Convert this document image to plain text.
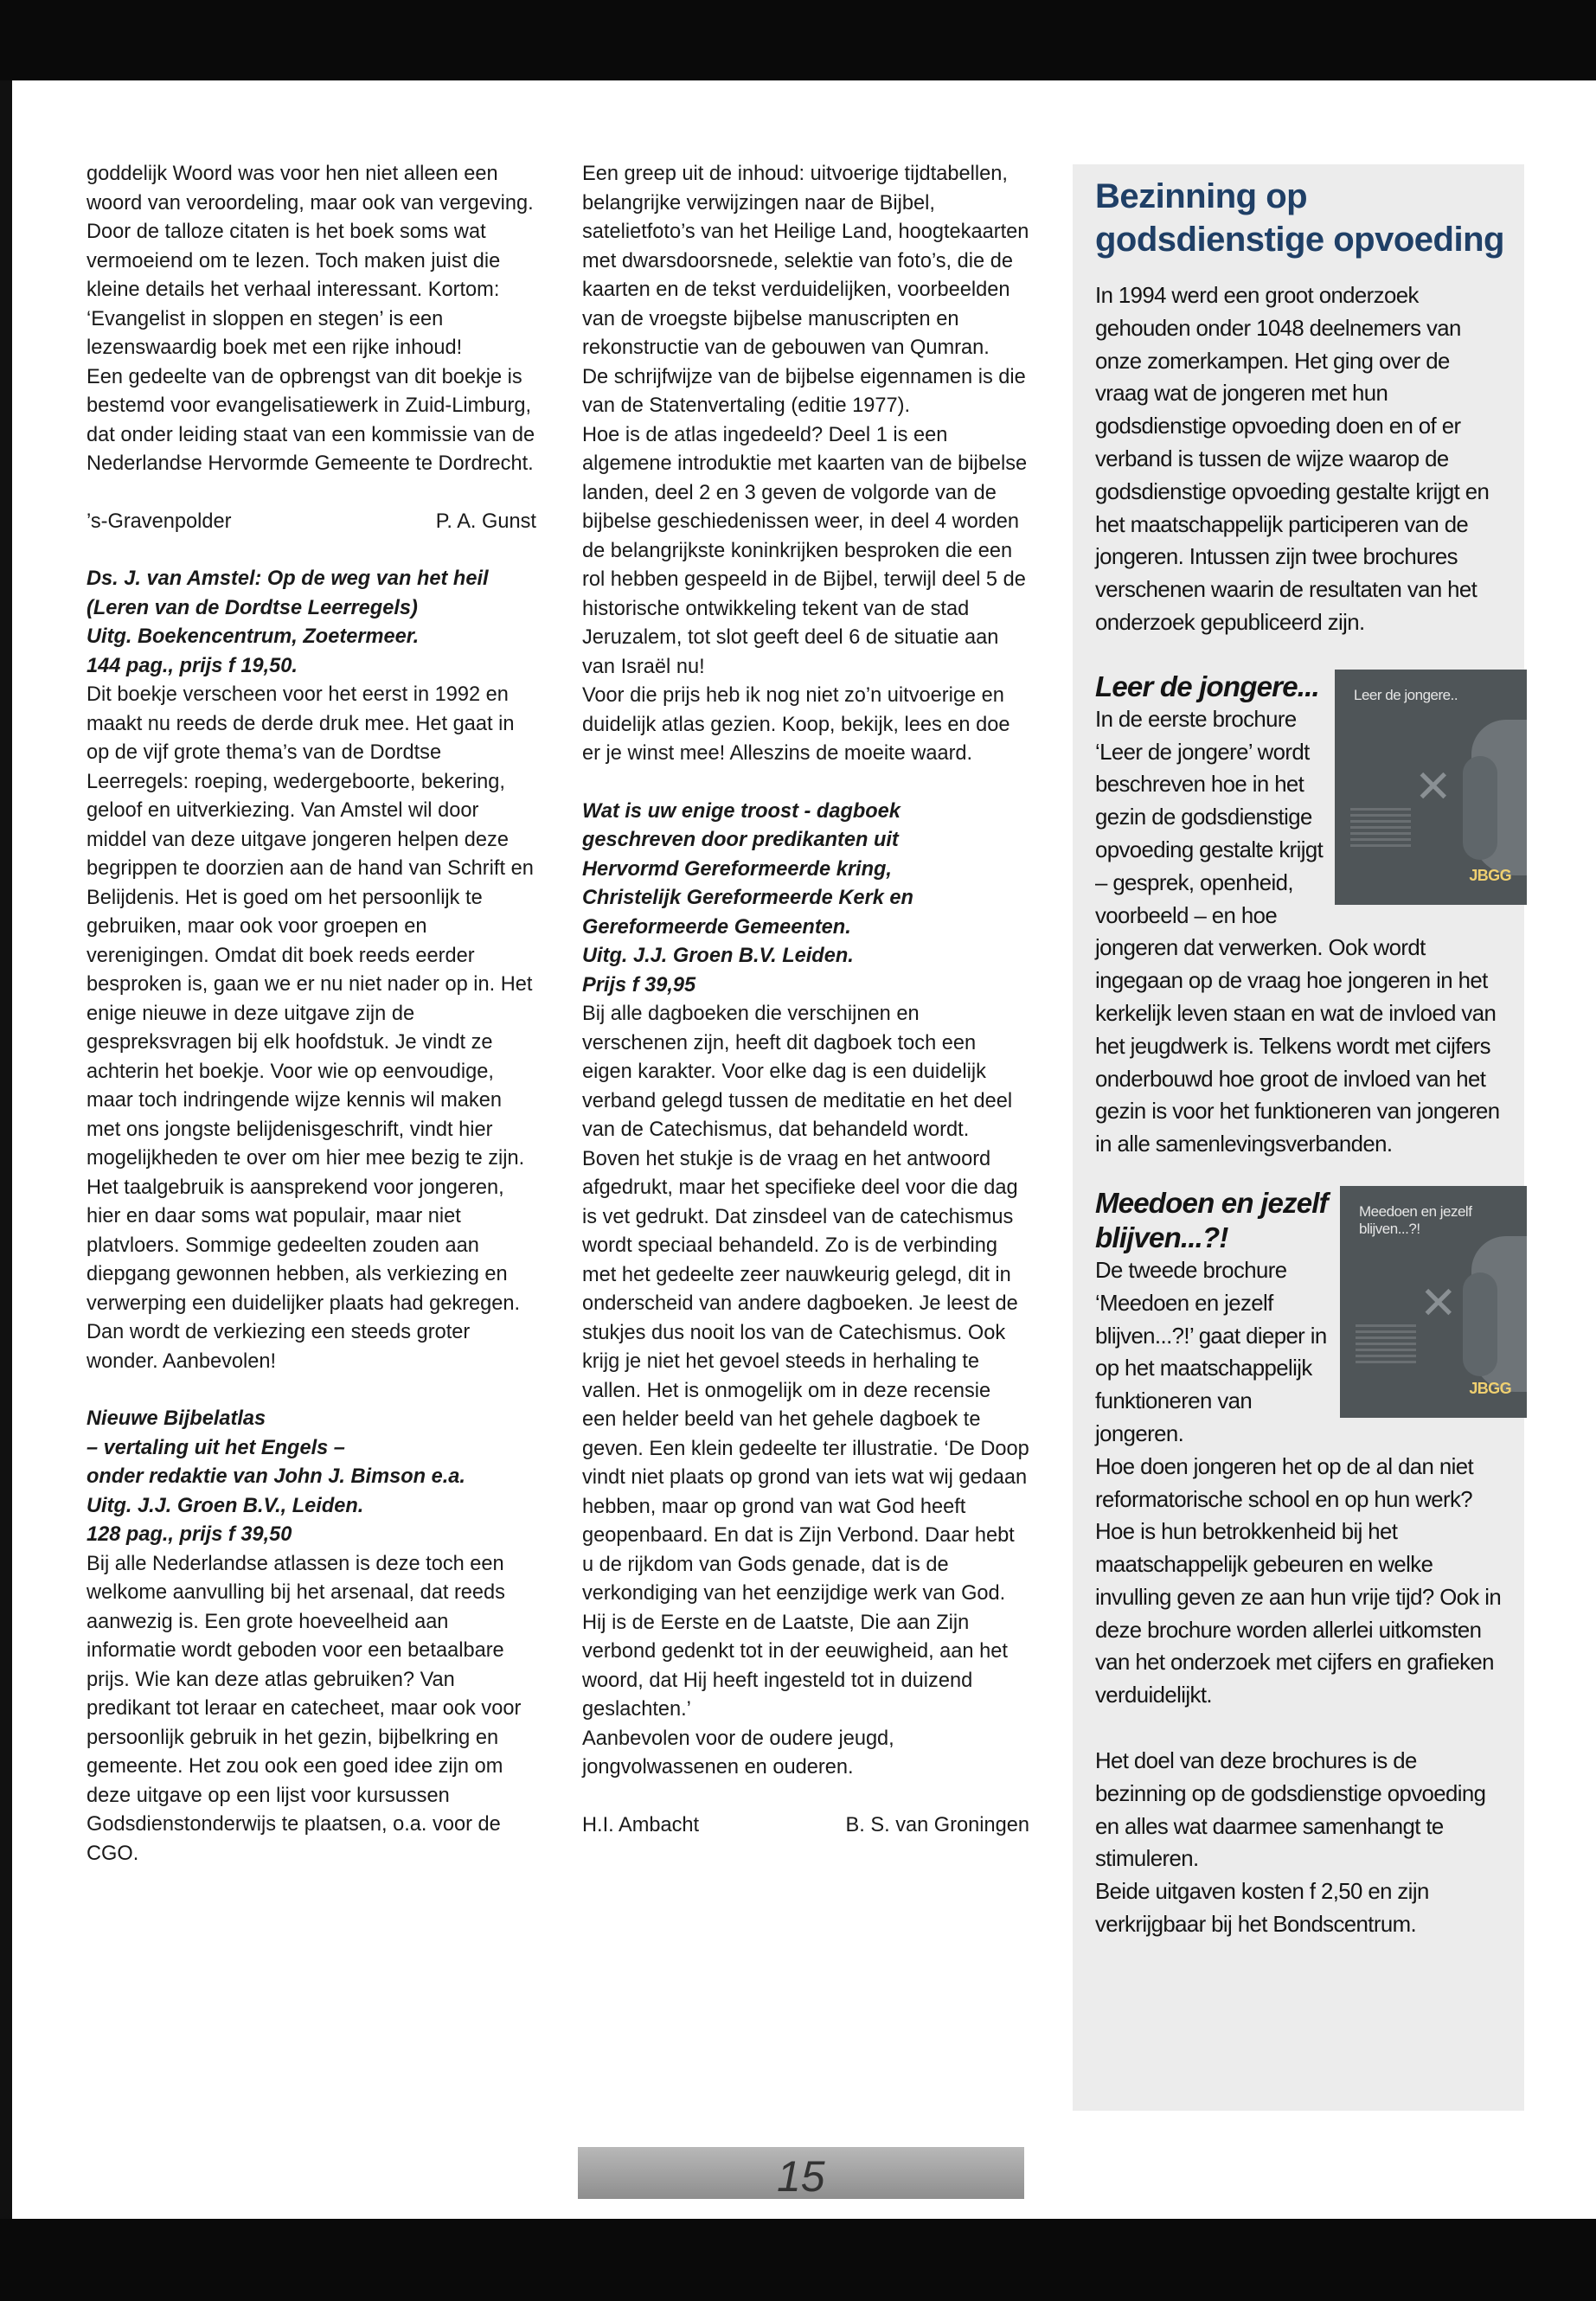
goddelijk Woord was voor hen niet alleen een woord van veroordeling, maar ook van vergeving.

Door de talloze citaten is het boek soms wat vermoeiend om te lezen. Toch maken juist die kleine details het verhaal interessant. Kortom: ‘Evangelist in sloppen en stegen’ is een lezenswaardig boek met een rijke inhoud!

Een gedeelte van de opbrengst van dit boekje is bestemd voor evangelisatiewerk in Zuid-Limburg, dat onder leiding staat van een kommissie van de Nederlandse Hervormde Gemeente te Dordrecht.

’s-Gravenpolder	P. A. Gunst

Ds. J. van Amstel: Op de weg van het heil

(Leren van de Dordtse Leerregels)

Uitg. Boekencentrum, Zoetermeer.

144 pag., prijs f 19,50.

Dit boekje verscheen voor het eerst in 1992 en maakt nu reeds de derde druk mee. Het gaat in op de vijf grote thema’s van de Dordtse Leerregels: roeping, wedergeboorte, bekering, geloof en uitverkiezing. Van Amstel wil door middel van deze uitgave jongeren helpen deze begrippen te doorzien aan de hand van Schrift en Belijdenis. Het is goed om het persoonlijk te gebruiken, maar ook voor groepen en verenigingen. Omdat dit boek reeds eerder besproken is, gaan we er nu niet nader op in. Het enige nieuwe in deze uitgave zijn de gespreksvragen bij elk hoofdstuk. Je vindt ze achterin het boekje. Voor wie op eenvoudige, maar toch indringende wijze kennis wil maken met ons jongste belijdenisgeschrift, vindt hier mogelijkheden te over om hier mee bezig te zijn. Het taalgebruik is aansprekend voor jongeren, hier en daar soms wat populair, maar niet platvloers. Sommige gedeelten zouden aan diepgang gewonnen hebben, als verkiezing en verwerping een duidelijker plaats had gekregen. Dan wordt de verkiezing een steeds groter wonder. Aanbevolen!

Nieuwe Bijbelatlas

– vertaling uit het Engels –

onder redaktie van John J. Bimson e.a.

Uitg. J.J. Groen B.V., Leiden.

128 pag., prijs f 39,50

Bij alle Nederlandse atlassen is deze toch een welkome aanvulling bij het arsenaal, dat reeds aanwezig is. Een grote hoeveelheid aan informatie wordt geboden voor een betaalbare prijs. Wie kan deze atlas gebruiken? Van predikant tot leraar en catecheet, maar ook voor persoonlijk gebruik in het gezin, bijbelkring en gemeente. Het zou ook een goed idee zijn om deze uitgave op een lijst voor kursussen Godsdienstonderwijs te plaatsen, o.a. voor de CGO.

Een greep uit de inhoud: uitvoerige tijdtabellen, belangrijke verwijzingen naar de Bijbel, satelietfoto’s van het Heilige Land, hoogtekaarten met dwarsdoorsnede, selektie van foto’s, die de kaarten en de tekst verduidelijken, voorbeelden van de vroegste bijbelse manuscripten en rekonstructie van de gebouwen van Qumran.

De schrijfwijze van de bijbelse eigennamen is die van de Statenvertaling (editie 1977).

Hoe is de atlas ingedeeld? Deel 1 is een algemene introduktie met kaarten van de bijbelse landen, deel 2 en 3 geven de volgorde van de bijbelse geschiedenissen weer, in deel 4 worden de belangrijkste koninkrijken besproken die een rol hebben gespeeld in de Bijbel, terwijl deel 5 de historische ontwikkeling tekent van de stad Jeruzalem, tot slot geeft deel 6 de situatie aan van Israël nu!

Voor die prijs heb ik nog niet zo’n uitvoerige en duidelijk atlas gezien. Koop, bekijk, lees en doe er je winst mee! Alleszins de moeite waard.

Wat is uw enige troost - dagboek

geschreven door predikanten uit

Hervormd Gereformeerde kring,

Christelijk Gereformeerde Kerk en

Gereformeerde Gemeenten.

Uitg. J.J. Groen B.V. Leiden.

Prijs f 39,95

Bij alle dagboeken die verschijnen en verschenen zijn, heeft dit dagboek toch een eigen karakter. Voor elke dag is een duidelijk verband gelegd tussen de meditatie en het deel van de Catechismus, dat behandeld wordt. Boven het stukje is de vraag en het antwoord afgedrukt, maar het specifieke deel voor die dag is vet gedrukt. Dat zinsdeel van de catechismus wordt speciaal behandeld. Zo is de verbinding met het gedeelte zeer nauwkeurig gelegd, dit in onderscheid van andere dagboeken. Je leest de stukjes dus nooit los van de Catechismus. Ook krijg je niet het gevoel steeds in herhaling te vallen. Het is onmogelijk om in deze recensie een helder beeld van het gehele dagboek te geven. Een klein gedeelte ter illustratie. ‘De Doop vindt niet plaats op grond van iets wat wij gedaan hebben, maar op grond van wat God heeft geopenbaard. En dat is Zijn Verbond. Daar hebt u de rijkdom van Gods genade, dat is de verkondiging van het eenzijdige werk van God. Hij is de Eerste en de Laatste, Die aan Zijn verbond gedenkt tot in der eeuwigheid, aan het woord, dat Hij heeft ingesteld tot in duizend geslachten.’

Aanbevolen voor de oudere jeugd, jongvolwassenen en ouderen.

H.I. Ambacht	B. S. van Groningen
Bezinning op godsdienstige opvoeding

In 1994 werd een groot onderzoek gehouden onder 1048 deelnemers van onze zomerkampen. Het ging over de vraag wat de jongeren met hun godsdienstige opvoeding doen en of er verband is tussen de wijze waarop de godsdienstige opvoeding gestalte krijgt en het maatschappelijk participeren van de jongeren. Intussen zijn twee brochures verschenen waarin de resultaten van het onderzoek gepubliceerd zijn.

Leer de jongere..
✕
JBGG

Leer de jongere...

In de eerste brochure ‘Leer de jongere’ wordt beschreven hoe in het gezin de godsdienstige opvoeding gestalte krijgt – gesprek, openheid, voorbeeld – en hoe jongeren dat verwerken. Ook wordt ingegaan op de vraag hoe jongeren in het kerkelijk leven staan en wat de invloed van het jeugdwerk is. Telkens wordt met cijfers onderbouwd hoe groot de invloed van het gezin is voor het funktioneren van jongeren in alle samenlevingsverbanden.

Meedoen en jezelf blijven...?!
✕
JBGG

Meedoen en jezelf blijven...?!

De tweede brochure ‘Meedoen en jezelf blijven...?!’ gaat dieper in op het maatschappelijk funktioneren van jongeren.

Hoe doen jongeren het op de al dan niet reformatorische school en op hun werk? Hoe is hun betrokkenheid bij het maatschappelijk gebeuren en welke invulling geven ze aan hun vrije tijd? Ook in deze brochure worden allerlei uitkomsten van het onderzoek met cijfers en grafieken verduidelijkt.

Het doel van deze brochures is de bezinning op de godsdienstige opvoeding en alles wat daarmee samenhangt te stimuleren.

Beide uitgaven kosten f 2,50 en zijn verkrijgbaar bij het Bondscentrum.

15
